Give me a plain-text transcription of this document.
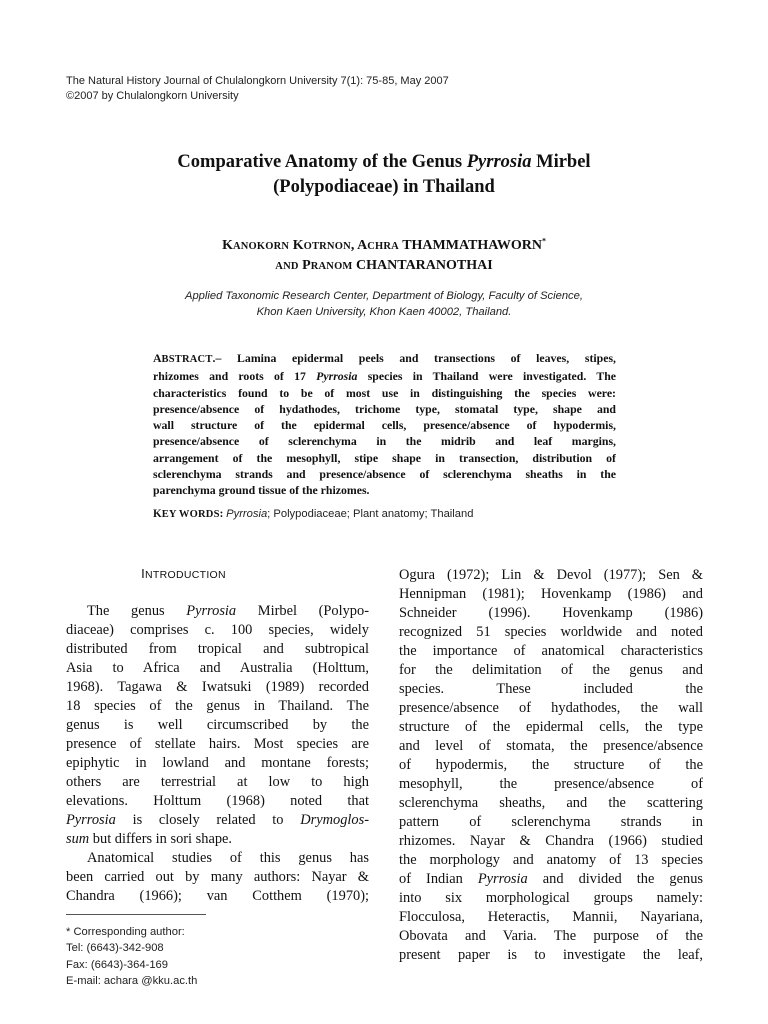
The Natural History Journal of Chulalongkorn University 7(1): 75-85, May 2007
©2007 by Chulalongkorn University
Comparative Anatomy of the Genus Pyrrosia Mirbel
(Polypodiaceae) in Thailand
KANOKORN KOTRNON, ACHRA THAMMATHAWORN*
AND PRANOM CHANTARANOTHAI
Applied Taxonomic Research Center, Department of Biology, Faculty of Science,
Khon Kaen University, Khon Kaen 40002, Thailand.
ABSTRACT.– Lamina epidermal peels and transections of leaves, stipes,
rhizomes and roots of 17 Pyrrosia species in Thailand were investigated. The
characteristics found to be of most use in distinguishing the species were:
presence/absence of hydathodes, trichome type, stomatal type, shape and
wall structure of the epidermal cells, presence/absence of hypodermis,
presence/absence of sclerenchyma in the midrib and leaf margins,
arrangement of the mesophyll, stipe shape in transection, distribution of
sclerenchyma strands and presence/absence of sclerenchyma sheaths in the
parenchyma ground tissue of the rhizomes.
KEY WORDS: Pyrrosia; Polypodiaceae; Plant anatomy; Thailand
INTRODUCTION

The genus Pyrrosia Mirbel (Polypo-
diaceae) comprises c. 100 species, widely
distributed from tropical and subtropical
Asia to Africa and Australia (Holttum,
1968). Tagawa & Iwatsuki (1989) recorded
18 species of the genus in Thailand. The
genus is well circumscribed by the
presence of stellate hairs. Most species are
epiphytic in lowland and montane forests;
others are terrestrial at low to high
elevations. Holttum (1968) noted that
Pyrrosia is closely related to Drymoglos-
sum but differs in sori shape.
Anatomical studies of this genus has
been carried out by many authors: Nayar &
Chandra (1966); van Cotthem (1970);
Ogura (1972); Lin & Devol (1977); Sen &
Hennipman (1981); Hovenkamp (1986) and
Schneider (1996). Hovenkamp (1986)
recognized 51 species worldwide and noted
the importance of anatomical characteristics
for the delimitation of the genus and
species. These included the
presence/absence of hydathodes, the wall
structure of the epidermal cells, the type
and level of stomata, the presence/absence
of hypodermis, the structure of the
mesophyll, the presence/absence of
sclerenchyma sheaths, and the scattering
pattern of sclerenchyma strands in
rhizomes. Nayar & Chandra (1966) studied
the morphology and anatomy of 13 species
of Indian Pyrrosia and divided the genus
into six morphological groups namely:
Flocculosa, Heteractis, Mannii, Nayariana,
Obovata and Varia. The purpose of the
present paper is to investigate the leaf,
* Corresponding author:
Tel: (6643)-342-908
Fax: (6643)-364-169
E-mail: achara @kku.ac.th
